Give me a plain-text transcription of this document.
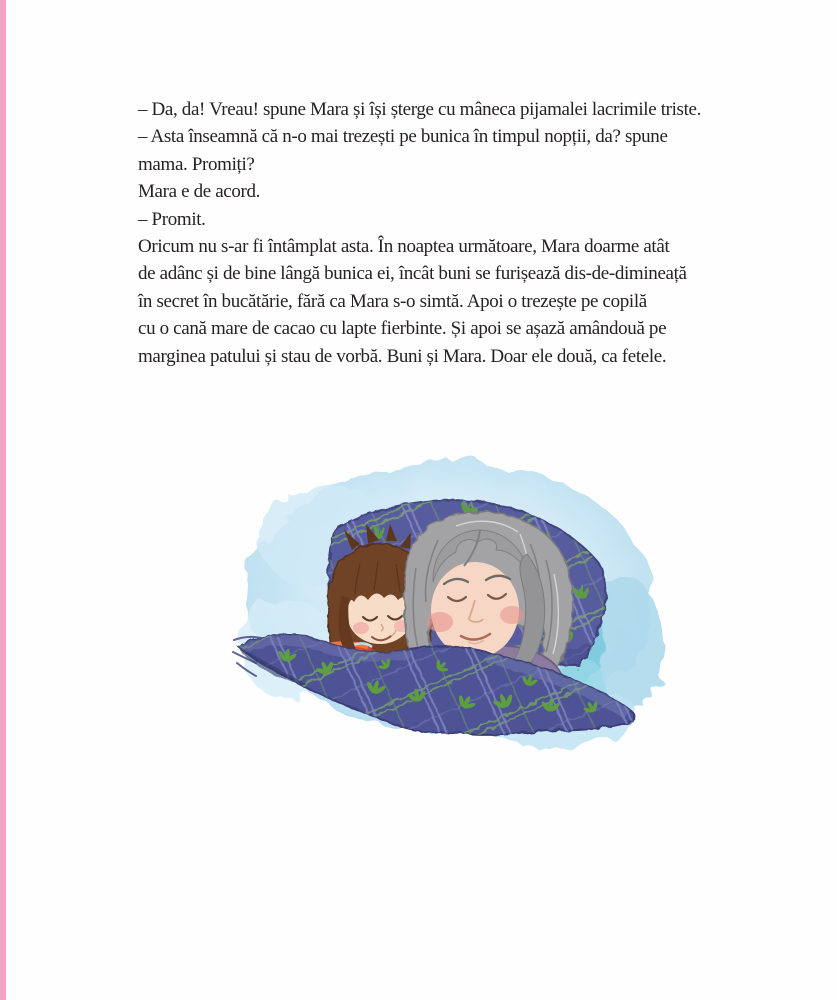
– Da, da! Vreau! spune Mara și își șterge cu mâneca pijamalei lacrimile triste.
– Asta înseamnă că n-o mai trezești pe bunica în timpul nopții, da? spune
mama. Promiți?
Mara e de acord.
– Promit.
Oricum nu s-ar fi întâmplat asta. În noaptea următoare, Mara doarme atât
de adânc și de bine lângă bunica ei, încât buni se furișează dis-de-dimineață
în secret în bucătărie, fără ca Mara s-o simtă. Apoi o trezește pe copilă
cu o cană mare de cacao cu lapte fierbinte. Și apoi se așază amândouă pe
marginea patului și stau de vorbă. Buni și Mara. Doar ele două, ca fetele.
